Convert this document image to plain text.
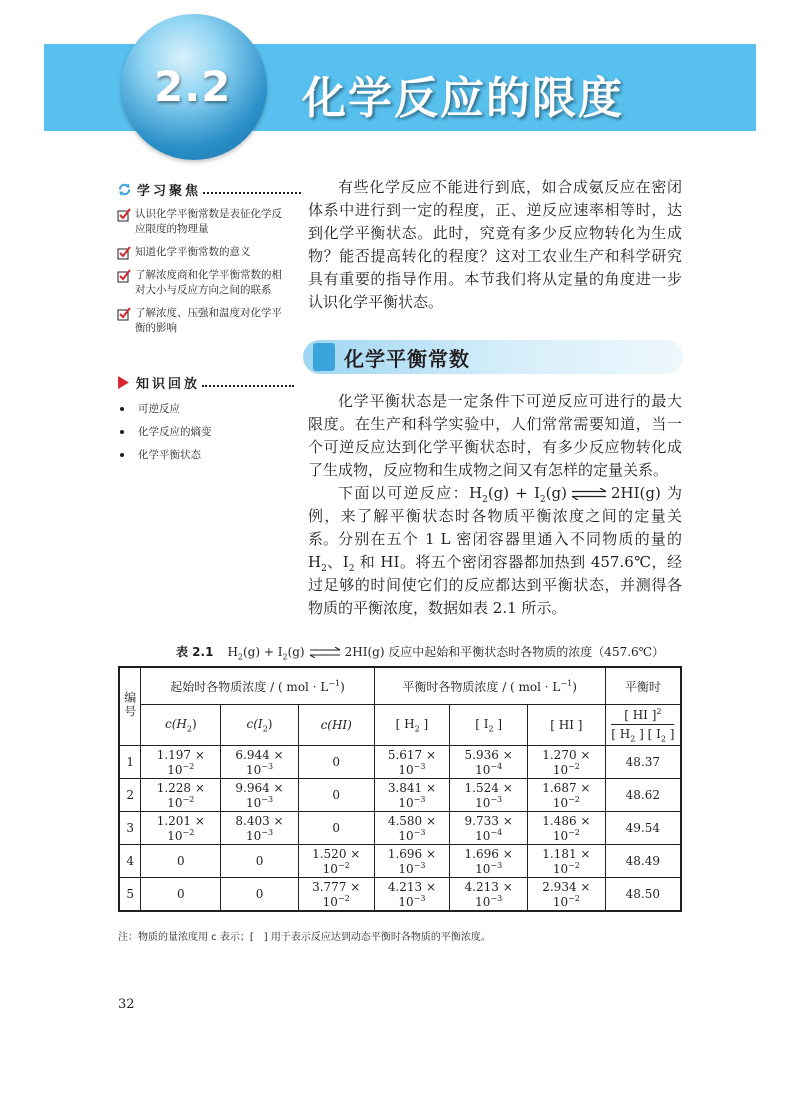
2.2 化学反应的限度
学习聚焦
认识化学平衡常数是表征化学反应限度的物理量
知道化学平衡常数的意义
了解浓度商和化学平衡常数的相对大小与反应方向之间的联系
了解浓度、压强和温度对化学平衡的影响
知识回放
可逆反应
化学反应的熵变
化学平衡状态
有些化学反应不能进行到底，如合成氨反应在密闭体系中进行到一定的程度，正、逆反应速率相等时，达到化学平衡状态。此时，究竟有多少反应物转化为生成物？能否提高转化的程度？这对工农业生产和科学研究具有重要的指导作用。本节我们将从定量的角度进一步认识化学平衡状态。
化学平衡常数
化学平衡状态是一定条件下可逆反应可进行的最大限度。在生产和科学实验中，人们常常需要知道，当一个可逆反应达到化学平衡状态时，有多少反应物转化成了生成物，反应物和生成物之间又有怎样的定量关系。
下面以可逆反应：$H_2(g) + I_2(g)$ ⇌ 2HI(g) 为例，来了解平衡状态时各物质平衡浓度之间的定量关系。 分别在五个 1 L 密闭容器里通入不同物质的量的 $H_2$、$I_2$ 和 HI。将五个密闭容器都加热到 457.6℃，经过足够的时间使它们的反应都达到平衡状态，并测得各物质的平衡浓度，数据如表 2.1 所示。
表 2.1 $H_2(g) + I_2(g)$ ⇌ 2HI(g) 反应中起始和平衡状态时各物质的浓度（457.6℃）
编号	起始时各物质浓度 / ( mol · $L^{-1}$)			平衡时各物质浓度 / ( mol · $L^{-1}$)			平衡时
	$c(H_2)$	$c(I_2)$	c(HI)	[ $H_2$ ]	[ $I_2$ ]	[ HI ]	$\frac{[ HI ]^2}{[ H_2 ] [ I_2 ]}$

1	$1.197 \times 10^{-2}$	$6.944 \times 10^{-3}$	0	$5.617 \times 10^{-3}$	$5.936 \times 10^{-4}$	$1.270 \times 10^{-2}$	48.37
2	$1.228 \times 10^{-2}$	$9.964 \times 10^{-3}$	0	$3.841 \times 10^{-3}$	$1.524 \times 10^{-3}$	$1.687 \times 10^{-2}$	48.62
3	$1.201 \times 10^{-2}$	$8.403 \times 10^{-3}$	0	$4.580 \times 10^{-3}$	$9.733 \times 10^{-4}$	$1.486 \times 10^{-2}$	49.54
4	0	0	$1.520 \times 10^{-2}$	$1.696 \times 10^{-3}$	$1.696 \times 10^{-3}$	$1.181 \times 10^{-2}$	48.49
5	0	0	$3.777 \times 10^{-2}$	$4.213 \times 10^{-3}$	$4.213 \times 10^{-3}$	$2.934 \times 10^{-2}$	48.50
注：物质的量浓度用 c 表示；[　] 用于表示反应达到动态平衡时各物质的平衡浓度。
32
